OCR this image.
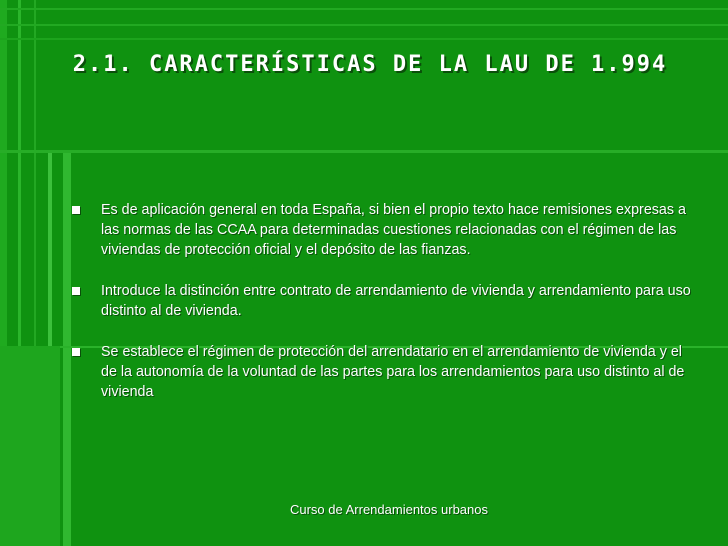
2.1. CARACTERÍSTICAS DE LA LAU DE 1.994
Es de aplicación general en toda España, si bien el propio texto hace remisiones expresas a las normas de las CCAA para determinadas cuestiones relacionadas con el régimen de las viviendas de protección oficial y el depósito de las fianzas.
Introduce la distinción entre contrato de arrendamiento de vivienda y arrendamiento para uso distinto al de vivienda.
Se establece el régimen de protección del arrendatario en el arrendamiento de vivienda y el de la autonomía de la voluntad de las partes para los arrendamientos para uso distinto al de vivienda
Curso de Arrendamientos urbanos
